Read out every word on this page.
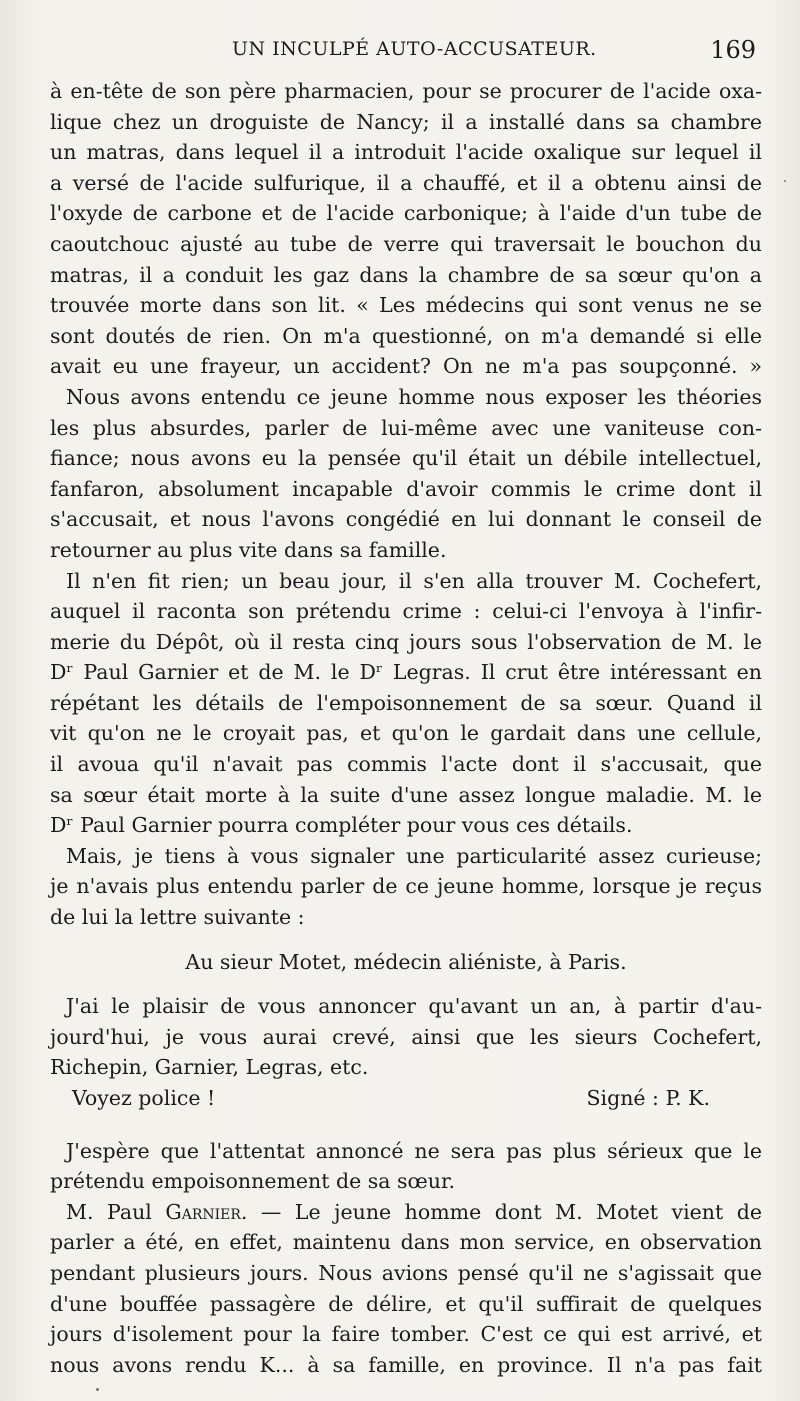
UN INCULPÉ AUTO-ACCUSATEUR.	169
à en-tête de son père pharmacien, pour se procurer de l'acide oxa-
lique chez un droguiste de Nancy; il a installé dans sa chambre
un matras, dans lequel il a introduit l'acide oxalique sur lequel il
a versé de l'acide sulfurique, il a chauffé, et il a obtenu ainsi de
l'oxyde de carbone et de l'acide carbonique; à l'aide d'un tube de
caoutchouc ajusté au tube de verre qui traversait le bouchon du
matras, il a conduit les gaz dans la chambre de sa sœur qu'on a
trouvée morte dans son lit. « Les médecins qui sont venus ne se
sont doutés de rien. On m'a questionné, on m'a demandé si elle
avait eu une frayeur, un accident? On ne m'a pas soupçonné. »
Nous avons entendu ce jeune homme nous exposer les théories
les plus absurdes, parler de lui-même avec une vaniteuse con-
fiance; nous avons eu la pensée qu'il était un débile intellectuel,
fanfaron, absolument incapable d'avoir commis le crime dont il
s'accusait, et nous l'avons congédié en lui donnant le conseil de
retourner au plus vite dans sa famille.
Il n'en fit rien; un beau jour, il s'en alla trouver M. Cochefert,
auquel il raconta son prétendu crime : celui-ci l'envoya à l'infir-
merie du Dépôt, où il resta cinq jours sous l'observation de M. le
Dʳ Paul Garnier et de M. le Dʳ Legras. Il crut être intéressant en
répétant les détails de l'empoisonnement de sa sœur. Quand il
vit qu'on ne le croyait pas, et qu'on le gardait dans une cellule,
il avoua qu'il n'avait pas commis l'acte dont il s'accusait, que
sa sœur était morte à la suite d'une assez longue maladie. M. le
Dʳ Paul Garnier pourra compléter pour vous ces détails.
Mais, je tiens à vous signaler une particularité assez curieuse;
je n'avais plus entendu parler de ce jeune homme, lorsque je reçus
de lui la lettre suivante :
Au sieur Motet, médecin aliéniste, à Paris.
J'ai le plaisir de vous annoncer qu'avant un an, à partir d'au-
jourd'hui, je vous aurai crevé, ainsi que les sieurs Cochefert,
Richepin, Garnier, Legras, etc.
Voyez police !	Signé : P. K.
J'espère que l'attentat annoncé ne sera pas plus sérieux que le
prétendu empoisonnement de sa sœur.
M. Paul Garnier. — Le jeune homme dont M. Motet vient de
parler a été, en effet, maintenu dans mon service, en observation
pendant plusieurs jours. Nous avions pensé qu'il ne s'agissait que
d'une bouffée passagère de délire, et qu'il suffirait de quelques
jours d'isolement pour la faire tomber. C'est ce qui est arrivé, et
nous avons rendu K... à sa famille, en province. Il n'a pas fait
